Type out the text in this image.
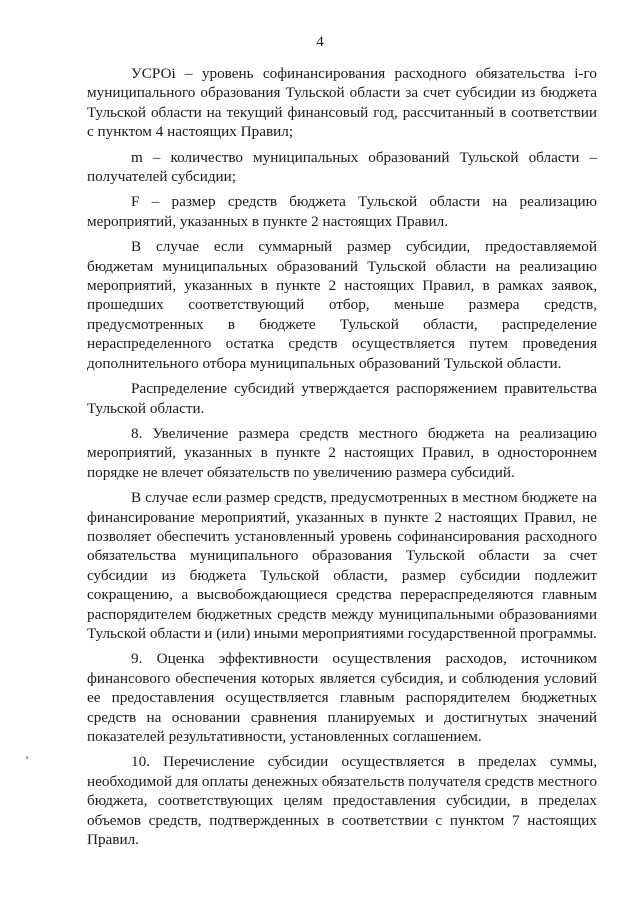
4

УСРОi – уровень софинансирования расходного обязательства i-го муниципального образования Тульской области за счет субсидии из бюджета Тульской области на текущий финансовый год, рассчитанный в соответствии с пунктом 4 настоящих Правил;

m – количество муниципальных образований Тульской области – получателей субсидии;

F – размер средств бюджета Тульской области на реализацию мероприятий, указанных в пункте 2 настоящих Правил.

В случае если суммарный размер субсидии, предоставляемой бюджетам муниципальных образований Тульской области на реализацию мероприятий, указанных в пункте 2 настоящих Правил, в рамках заявок, прошедших соответствующий отбор, меньше размера средств, предусмотренных в бюджете Тульской области, распределение нераспределенного остатка средств осуществляется путем проведения дополнительного отбора муниципальных образований Тульской области.

Распределение субсидий утверждается распоряжением правительства Тульской области.

8. Увеличение размера средств местного бюджета на реализацию мероприятий, указанных в пункте 2 настоящих Правил, в одностороннем порядке не влечет обязательств по увеличению размера субсидий.

В случае если размер средств, предусмотренных в местном бюджете на финансирование мероприятий, указанных в пункте 2 настоящих Правил, не позволяет обеспечить установленный уровень софинансирования расходного обязательства муниципального образования Тульской области за счет субсидии из бюджета Тульской области, размер субсидии подлежит сокращению, а высвобождающиеся средства перераспределяются главным распорядителем бюджетных средств между муниципальными образованиями Тульской области и (или) иными мероприятиями государственной программы.

9. Оценка эффективности осуществления расходов, источником финансового обеспечения которых является субсидия, и соблюдения условий ее предоставления осуществляется главным распорядителем бюджетных средств на основании сравнения планируемых и достигнутых значений показателей результативности, установленных соглашением.

10. Перечисление субсидии осуществляется в пределах суммы, необходимой для оплаты денежных обязательств получателя средств местного бюджета, соответствующих целям предоставления субсидии, в пределах объемов средств, подтвержденных в соответствии с пунктом 7 настоящих Правил.
